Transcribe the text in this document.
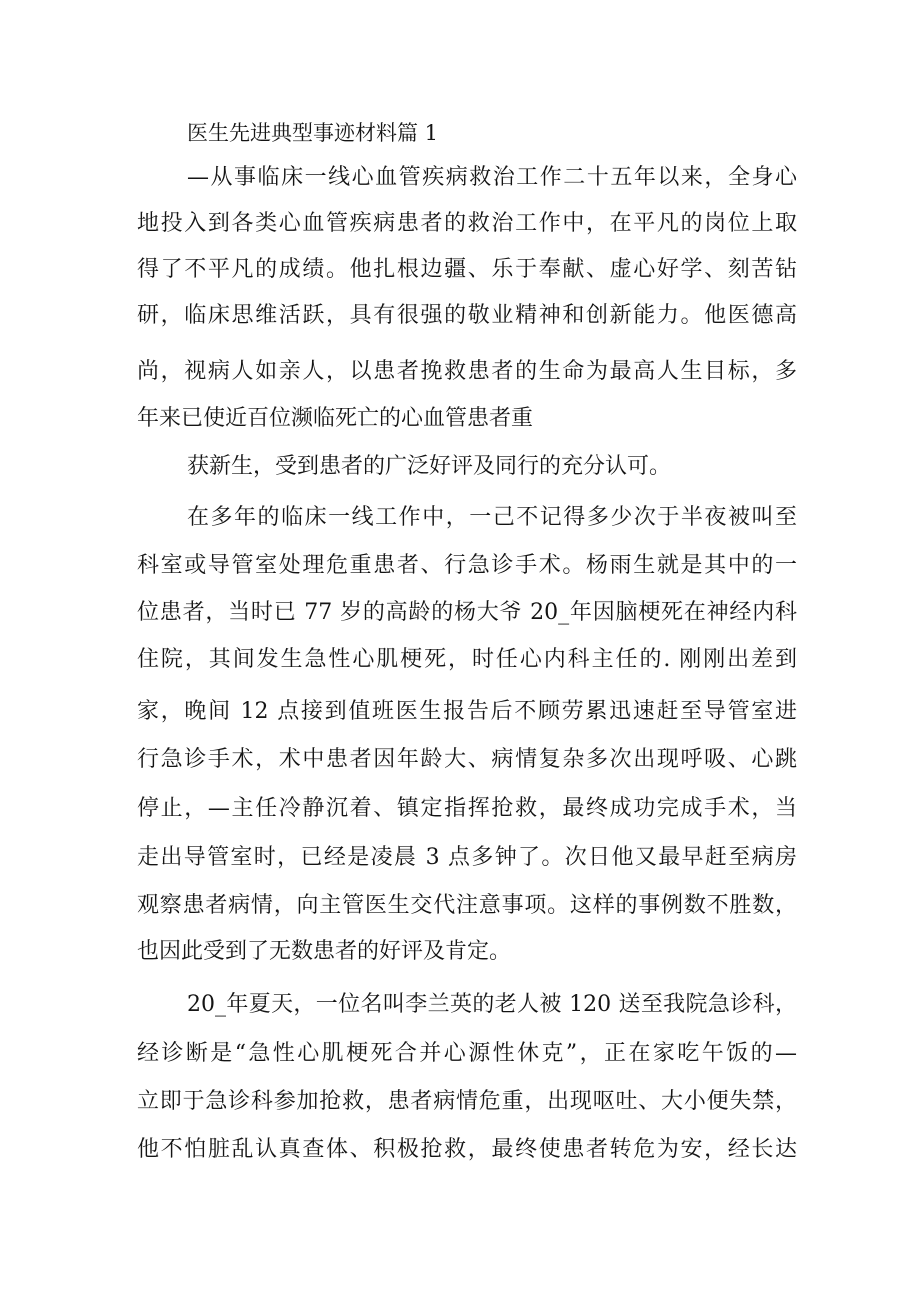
医生先进典型事迹材料篇 1
—从事临床一线心血管疾病救治工作二十五年以来，全身心
地投入到各类心血管疾病患者的救治工作中，在平凡的岗位上取
得了不平凡的成绩。他扎根边疆、乐于奉献、虚心好学、刻苦钻
研，临床思维活跃，具有很强的敬业精神和创新能力。他医德高
尚，视病人如亲人，以患者挽救患者的生命为最高人生目标，多
年来已使近百位濒临死亡的心血管患者重
获新生，受到患者的广泛好评及同行的充分认可。
在多年的临床一线工作中，一己不记得多少次于半夜被叫至
科室或导管室处理危重患者、行急诊手术。杨雨生就是其中的一
位患者，当时已 77 岁的高龄的杨大爷 20_年因脑梗死在神经内科
住院，其间发生急性心肌梗死，时任心内科主任的. 刚刚出差到
家，晚间 12 点接到值班医生报告后不顾劳累迅速赶至导管室进
行急诊手术，术中患者因年龄大、病情复杂多次出现呼吸、心跳
停止，—主任冷静沉着、镇定指挥抢救，最终成功完成手术，当
走出导管室时，已经是凌晨 3 点多钟了。次日他又最早赶至病房
观察患者病情，向主管医生交代注意事项。这样的事例数不胜数，
也因此受到了无数患者的好评及肯定。
20_年夏天，一位名叫李兰英的老人被 120 送至我院急诊科，
经诊断是“急性心肌梗死合并心源性休克”，正在家吃午饭的—
立即于急诊科参加抢救，患者病情危重，出现呕吐、大小便失禁，
他不怕脏乱认真查体、积极抢救，最终使患者转危为安，经长达
